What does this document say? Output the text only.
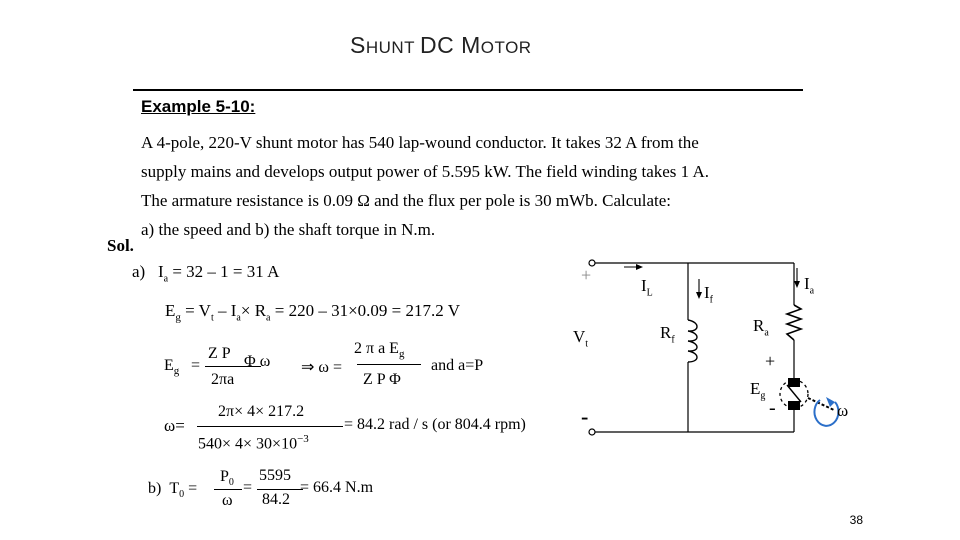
SHUNT DC MOTOR
Example 5-10:
A 4-pole, 220-V shunt motor has 540 lap-wound conductor. It takes 32 A from the
supply mains and develops output power of 5.595 kW. The field winding takes 1 A.
The armature resistance is 0.09 Ω and the flux per pole is 30 mWb. Calculate:
a) the speed and b) the shaft torque in N.m.
Sol.
a) $I_a = 32 - 1 = 31$ A
$E_g = V_t - I_a\times R_a = 220 - 31\times 0.09 = 217.2$ V
$E_g$ =
Z P
2πa
Φ ω ⇒ ω =
2 π a $E_g$
Z P Φ
and a=P
ω=
2π× 4× 217.2
$540\times 4\times 30\times 10^{-3}$
= 84.2 rad / s (or 804.4 rpm)
b) $T_0$ =
$P_0$
ω
=
5595
84.2
= 66.4 N.m
+
-
$V_t$
$I_L$	$I_f$
$I_a$
$R_f$
$R_a$
+
$E_g$
-	ω
38
